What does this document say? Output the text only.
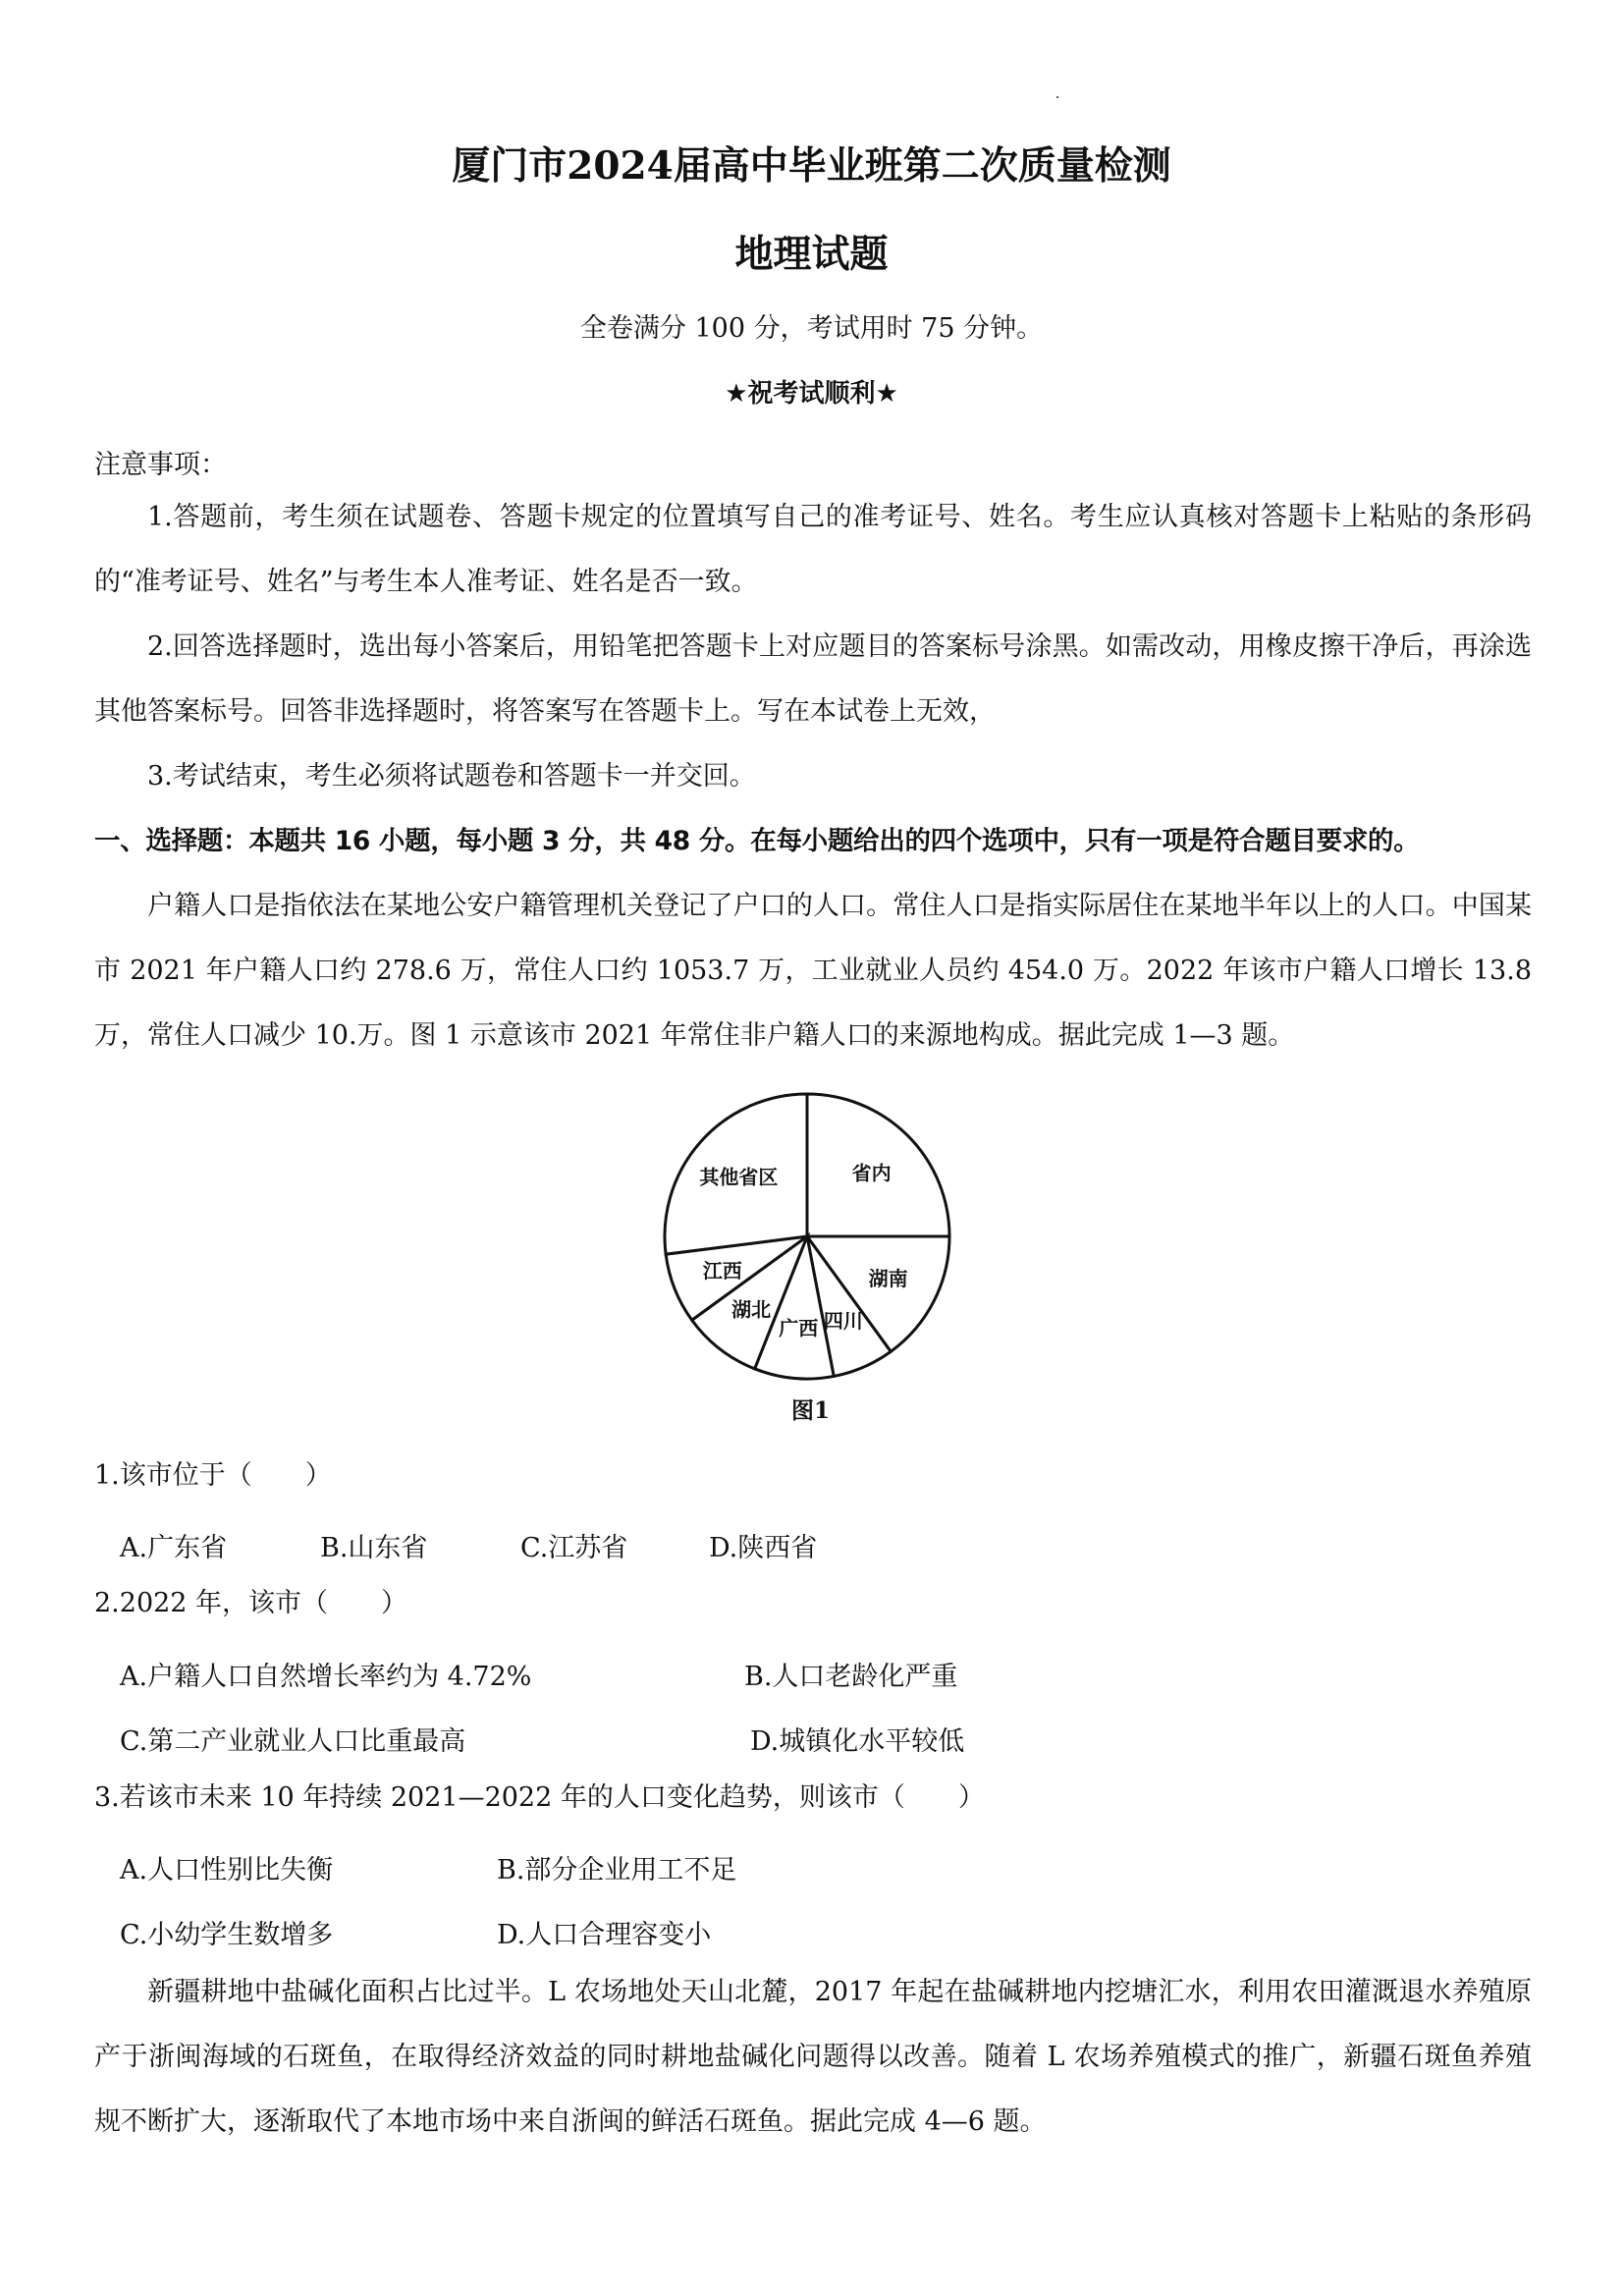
厦门市2024届高中毕业班第二次质量检测
地理试题

全卷满分 100 分，考试用时 75 分钟。

★祝考试顺利★

注意事项：

1.答题前，考生须在试题卷、答题卡规定的位置填写自己的准考证号、姓名。考生应认真核对答题卡上粘贴的条形码的“准考证号、姓名”与考生本人准考证、姓名是否一致。

2.回答选择题时，选出每小答案后，用铅笔把答题卡上对应题目的答案标号涂黑。如需改动，用橡皮擦干净后，再涂选其他答案标号。回答非选择题时，将答案写在答题卡上。写在本试卷上无效，

3.考试结束，考生必须将试题卷和答题卡一并交回。

一、选择题：本题共 16 小题，每小题 3 分，共 48 分。在每小题给出的四个选项中，只有一项是符合题目要求的。

户籍人口是指依法在某地公安户籍管理机关登记了户口的人口。常住人口是指实际居住在某地半年以上的人口。中国某市 2021 年户籍人口约 278.6 万，常住人口约 1053.7 万，工业就业人员约 454.0 万。2022 年该市户籍人口增长 13.8 万，常住人口减少 10.万。图 1 示意该市 2021 年常住非户籍人口的来源地构成。据此完成 1—3 题。

省内
湖南
四川
广西
湖北
江西
其他省区

图1

1.该市位于（　　）

A.广东省	B.山东省	C.江苏省	D.陕西省

2.2022 年，该市（　　）

A.户籍人口自然增长率约为 4.72%	B.人口老龄化严重

C.第二产业就业人口比重最高	D.城镇化水平较低

3.若该市未来 10 年持续 2021—2022 年的人口变化趋势，则该市（　　）

A.人口性别比失衡	B.部分企业用工不足

C.小幼学生数增多	D.人口合理容变小

新疆耕地中盐碱化面积占比过半。L 农场地处天山北麓，2017 年起在盐碱耕地内挖塘汇水，利用农田灌溉退水养殖原产于浙闽海域的石斑鱼，在取得经济效益的同时耕地盐碱化问题得以改善。随着 L 农场养殖模式的推广，新疆石斑鱼养殖规不断扩大，逐渐取代了本地市场中来自浙闽的鲜活石斑鱼。据此完成 4—6 题。
